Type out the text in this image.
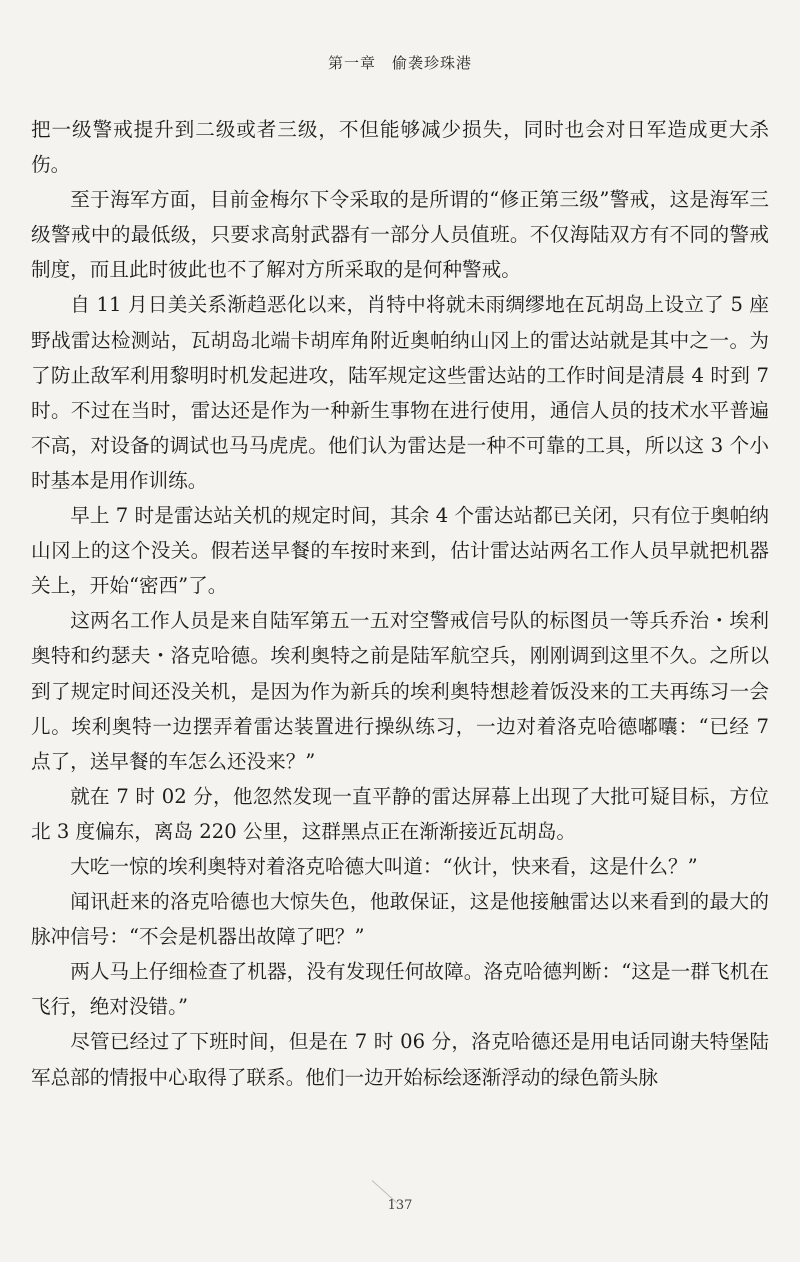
第一章　偷袭珍珠港

把一级警戒提升到二级或者三级，不但能够减少损失，同时也会对日军造成更大杀伤。

至于海军方面，目前金梅尔下令采取的是所谓的“修正第三级”警戒，这是海军三级警戒中的最低级，只要求高射武器有一部分人员值班。不仅海陆双方有不同的警戒制度，而且此时彼此也不了解对方所采取的是何种警戒。

自 11 月日美关系渐趋恶化以来，肖特中将就未雨绸缪地在瓦胡岛上设立了 5 座野战雷达检测站，瓦胡岛北端卡胡库角附近奥帕纳山冈上的雷达站就是其中之一。为了防止敌军利用黎明时机发起进攻，陆军规定这些雷达站的工作时间是清晨 4 时到 7 时。不过在当时，雷达还是作为一种新生事物在进行使用，通信人员的技术水平普遍不高，对设备的调试也马马虎虎。他们认为雷达是一种不可靠的工具，所以这 3 个小时基本是用作训练。

早上 7 时是雷达站关机的规定时间，其余 4 个雷达站都已关闭，只有位于奥帕纳山冈上的这个没关。假若送早餐的车按时来到，估计雷达站两名工作人员早就把机器关上，开始“密西”了。

这两名工作人员是来自陆军第五一五对空警戒信号队的标图员一等兵乔治・埃利奥特和约瑟夫・洛克哈德。埃利奥特之前是陆军航空兵，刚刚调到这里不久。之所以到了规定时间还没关机，是因为作为新兵的埃利奥特想趁着饭没来的工夫再练习一会儿。埃利奥特一边摆弄着雷达装置进行操纵练习，一边对着洛克哈德嘟囔：“已经 7 点了，送早餐的车怎么还没来？”

就在 7 时 02 分，他忽然发现一直平静的雷达屏幕上出现了大批可疑目标，方位北 3 度偏东，离岛 220 公里，这群黑点正在渐渐接近瓦胡岛。

大吃一惊的埃利奥特对着洛克哈德大叫道：“伙计，快来看，这是什么？”

闻讯赶来的洛克哈德也大惊失色，他敢保证，这是他接触雷达以来看到的最大的脉冲信号：“不会是机器出故障了吧？”

两人马上仔细检查了机器，没有发现任何故障。洛克哈德判断：“这是一群飞机在飞行，绝对没错。”

尽管已经过了下班时间，但是在 7 时 06 分，洛克哈德还是用电话同谢夫特堡陆军总部的情报中心取得了联系。他们一边开始标绘逐渐浮动的绿色箭头脉

137
